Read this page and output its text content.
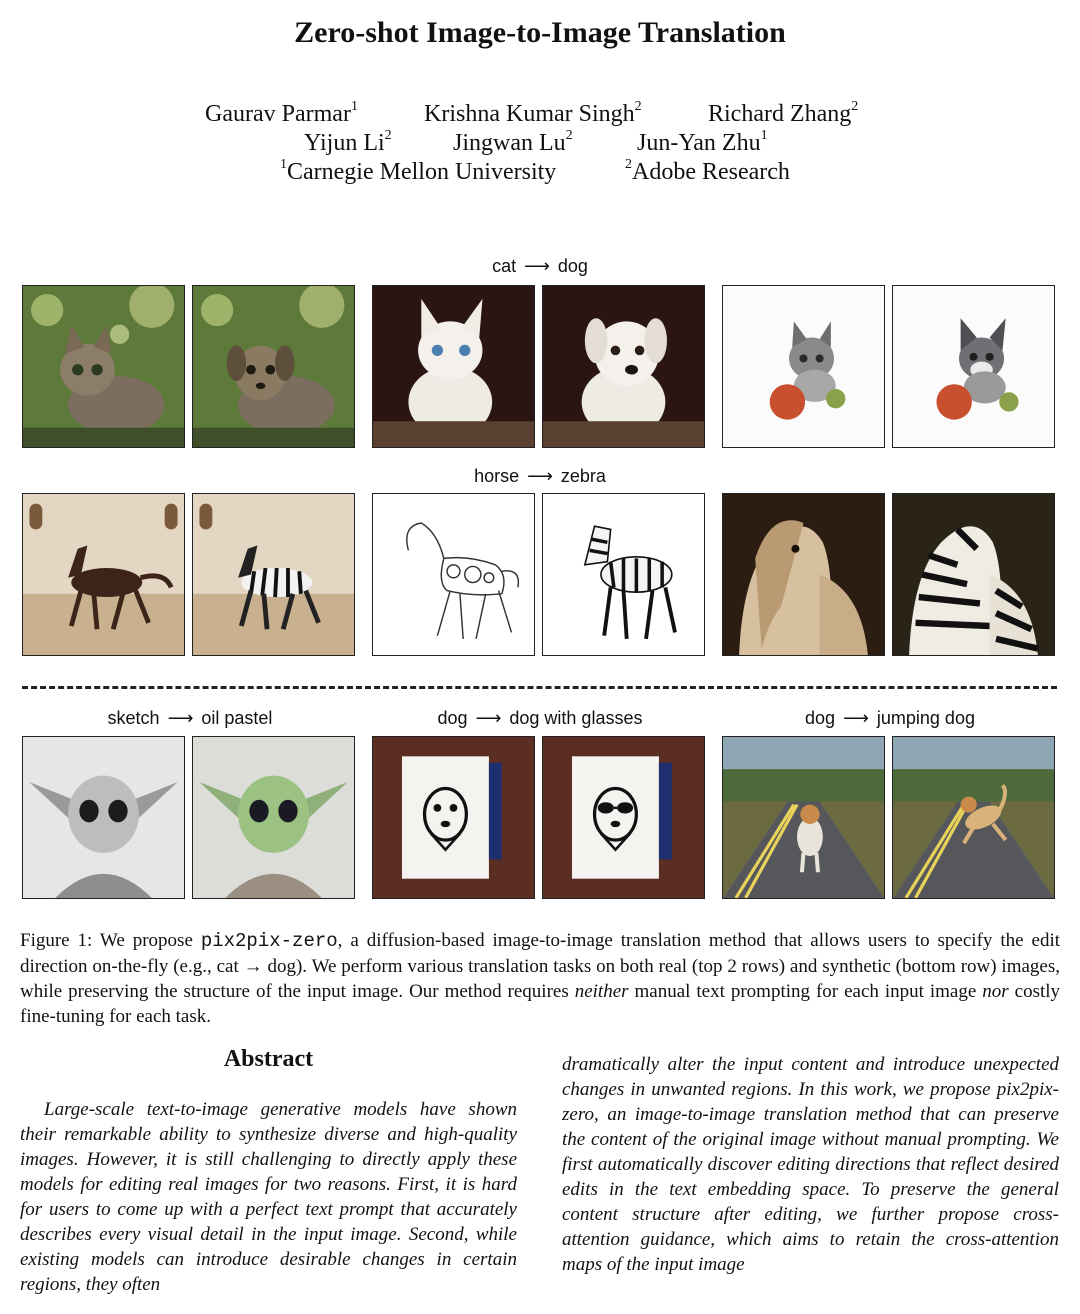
Zero-shot Image-to-Image Translation
Gaurav Parmar$^1$	Krishna Kumar Singh$^2$	Richard Zhang$^2$
Yijun Li$^2$	Jingwan Lu$^2$	Jun-Yan Zhu$^1$
$^1$Carnegie Mellon University	$^2$Adobe Research
cat ⟶ dog
horse ⟶ zebra
sketch ⟶ oil pastel	dog ⟶ dog with glasses	dog ⟶ jumping dog
Figure 1: We propose pix2pix-zero, a diffusion-based image-to-image translation method that allows users to specify the edit direction on-the-fly (e.g., cat → dog). We perform various translation tasks on both real (top 2 rows) and synthetic (bottom row) images, while preserving the structure of the input image. Our method requires neither manual text prompting for each input image nor costly fine-tuning for each task.
Abstract
Large-scale text-to-image generative models have shown their remarkable ability to synthesize diverse and high-quality images. However, it is still challenging to directly apply these models for editing real images for two reasons. First, it is hard for users to come up with a perfect text prompt that accurately describes every visual detail in the input image. Second, while existing models can introduce desirable changes in certain regions, they often
dramatically alter the input content and introduce unexpected changes in unwanted regions. In this work, we propose pix2pix-zero, an image-to-image translation method that can preserve the content of the original image without manual prompting. We first automatically discover editing directions that reflect desired edits in the text embedding space. To preserve the general content structure after editing, we further propose cross-attention guidance, which aims to retain the cross-attention maps of the input image
